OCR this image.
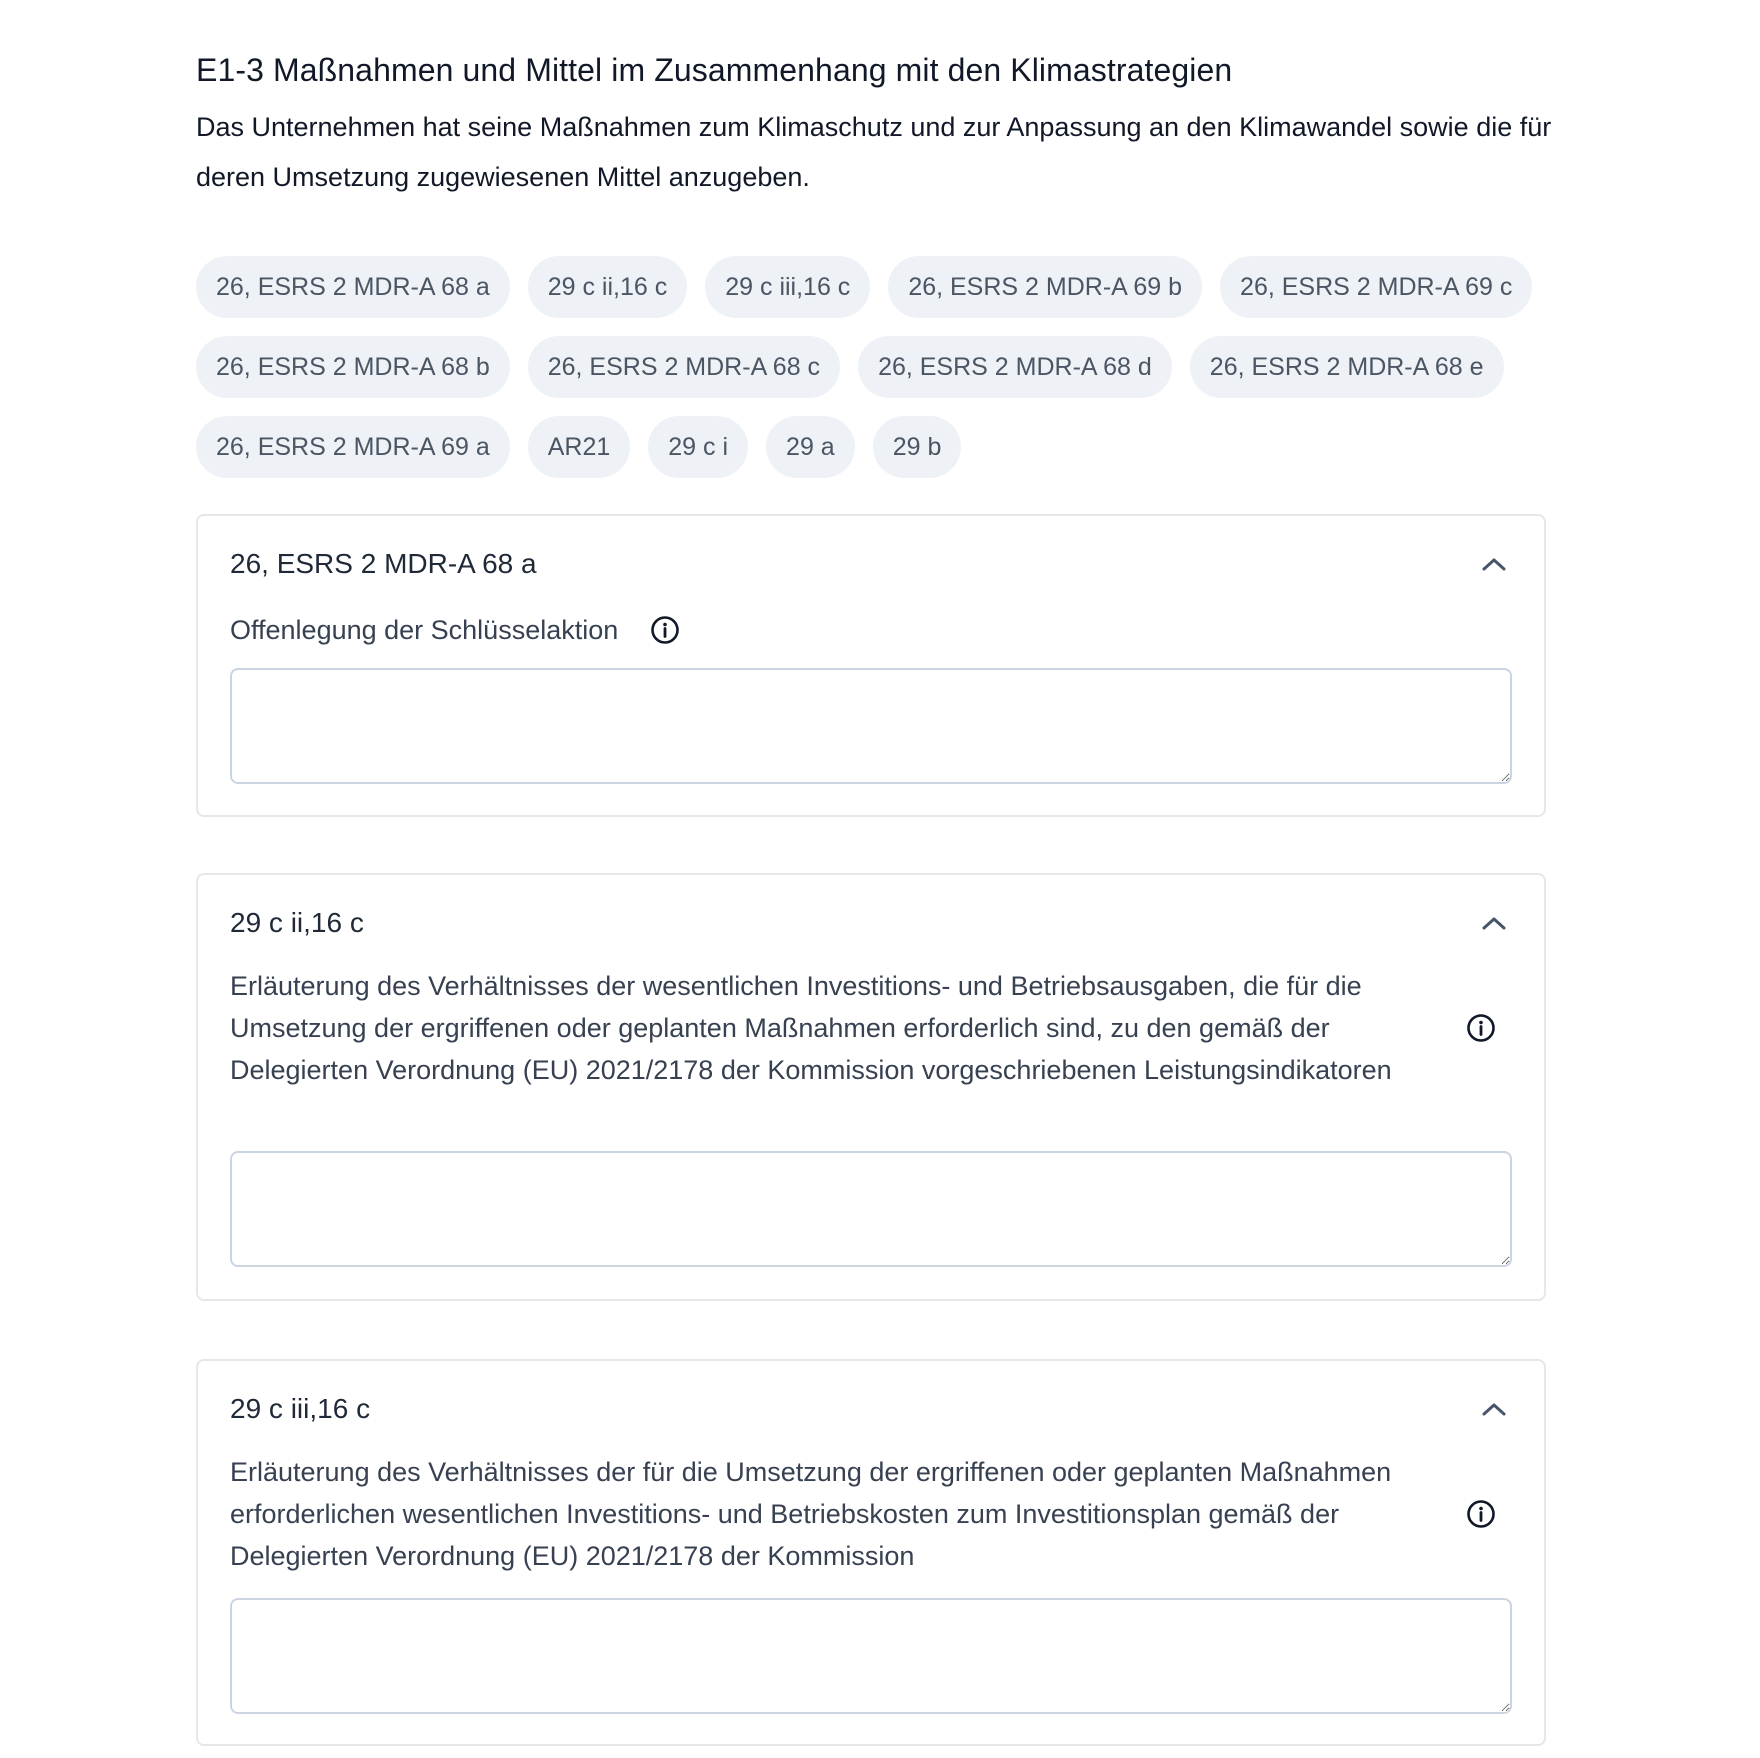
E1-3 Maßnahmen und Mittel im Zusammenhang mit den Klimastrategien

Das Unternehmen hat seine Maßnahmen zum Klimaschutz und zur Anpassung an den Klimawandel sowie die für deren Umsetzung zugewiesenen Mittel anzugeben.

26, ESRS 2 MDR-A 68 a	29 c ii,16 c	29 c iii,16 c	26, ESRS 2 MDR-A 69 b	26, ESRS 2 MDR-A 69 c
26, ESRS 2 MDR-A 68 b	26, ESRS 2 MDR-A 68 c	26, ESRS 2 MDR-A 68 d	26, ESRS 2 MDR-A 68 e
26, ESRS 2 MDR-A 69 a	AR21	29 c i	29 a	29 b
26, ESRS 2 MDR-A 68 a
Offenlegung der Schlüsselaktion
29 c ii,16 c
Erläuterung des Verhältnisses der wesentlichen Investitions- und Betriebsausgaben, die für die Umsetzung der ergriffenen oder geplanten Maßnahmen erforderlich sind, zu den gemäß der Delegierten Verordnung (EU) 2021/2178 der Kommission vorgeschriebenen Leistungsindikatoren
29 c iii,16 c
Erläuterung des Verhältnisses der für die Umsetzung der ergriffenen oder geplanten Maßnahmen erforderlichen wesentlichen Investitions- und Betriebskosten zum Investitionsplan gemäß der Delegierten Verordnung (EU) 2021/2178 der Kommission
